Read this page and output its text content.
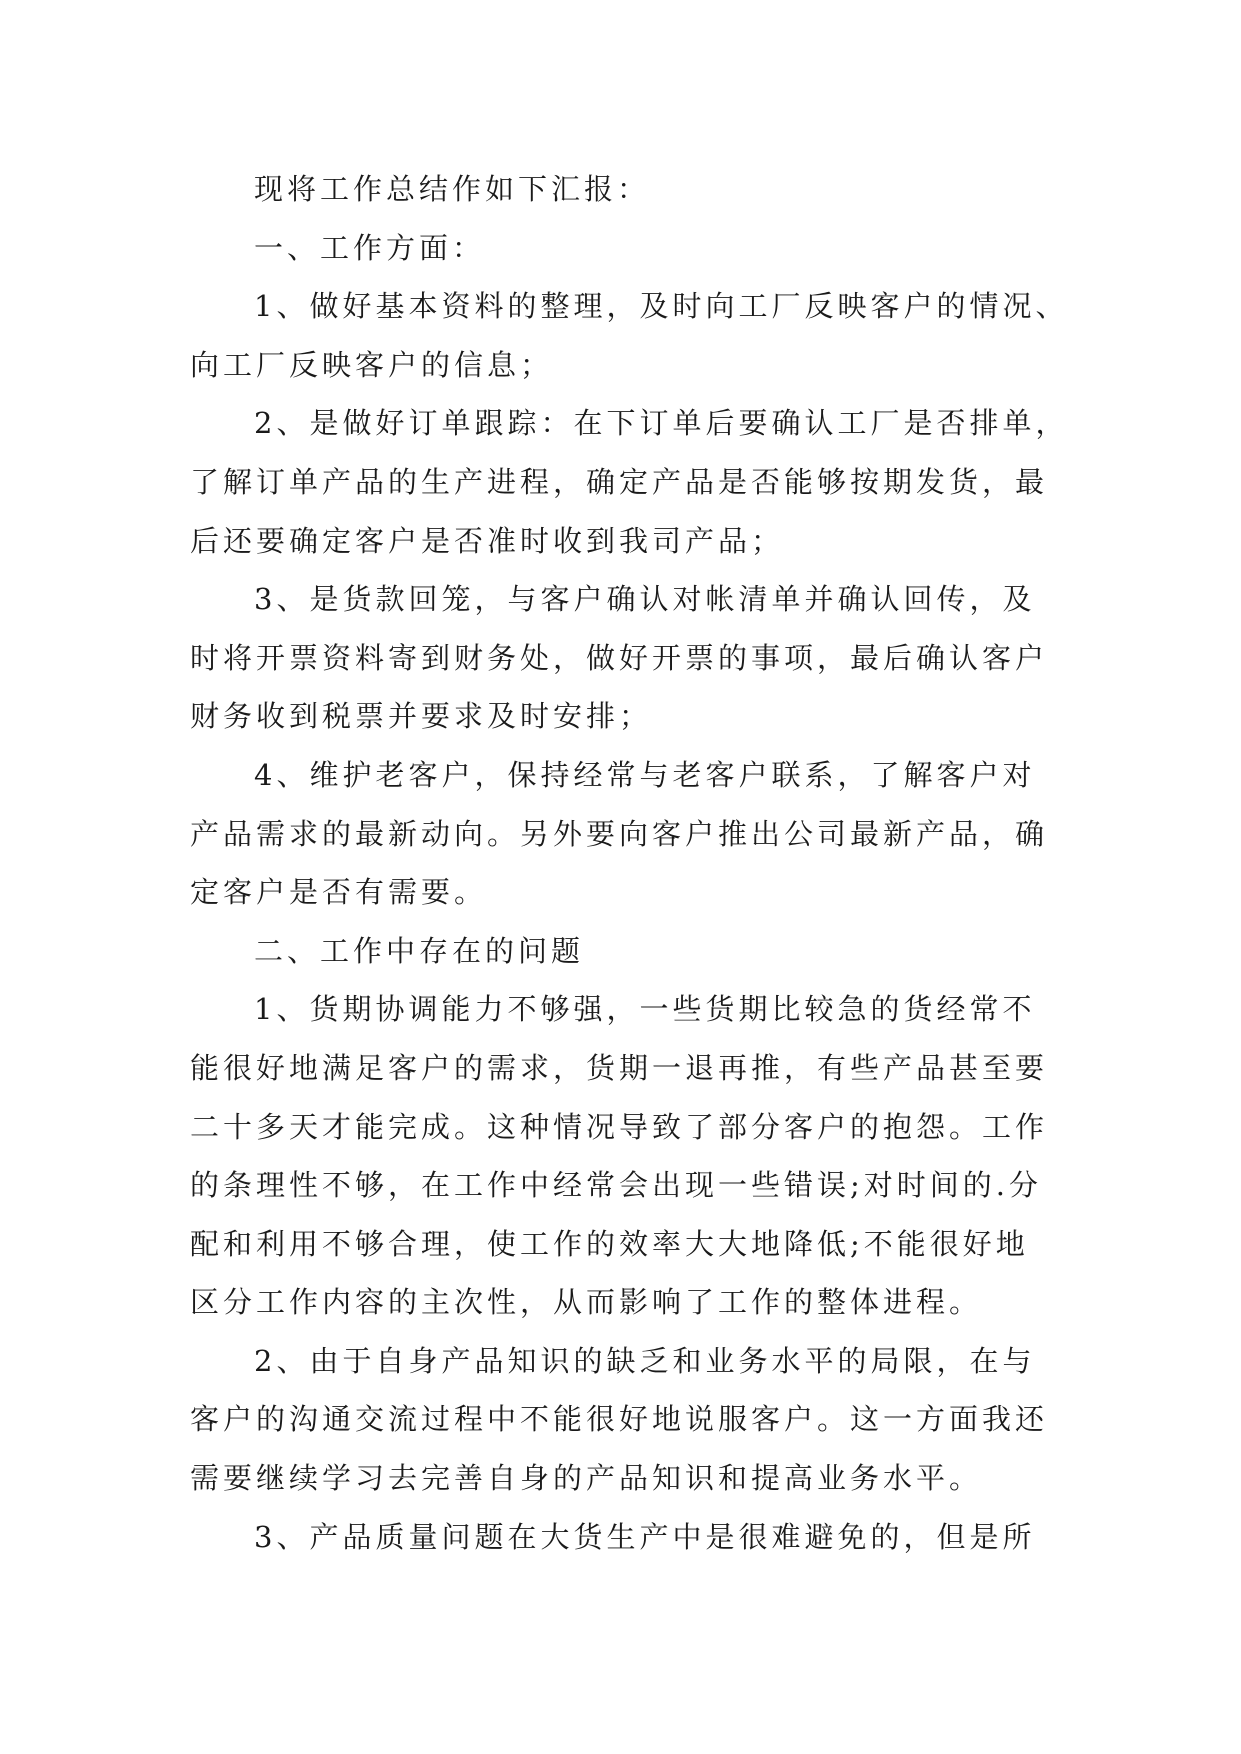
现将工作总结作如下汇报：
一、工作方面：
1、做好基本资料的整理，及时向工厂反映客户的情况、
向工厂反映客户的信息；
2、是做好订单跟踪：在下订单后要确认工厂是否排单，
了解订单产品的生产进程，确定产品是否能够按期发货，最
后还要确定客户是否准时收到我司产品；
3、是货款回笼，与客户确认对帐清单并确认回传，及
时将开票资料寄到财务处，做好开票的事项，最后确认客户
财务收到税票并要求及时安排；
4、维护老客户，保持经常与老客户联系，了解客户对
产品需求的最新动向。另外要向客户推出公司最新产品，确
定客户是否有需要。
二、工作中存在的问题
1、货期协调能力不够强，一些货期比较急的货经常不
能很好地满足客户的需求，货期一退再推，有些产品甚至要
二十多天才能完成。这种情况导致了部分客户的抱怨。工作
的条理性不够，在工作中经常会出现一些错误;对时间的.分
配和利用不够合理，使工作的效率大大地降低;不能很好地
区分工作内容的主次性，从而影响了工作的整体进程。
2、由于自身产品知识的缺乏和业务水平的局限，在与
客户的沟通交流过程中不能很好地说服客户。这一方面我还
需要继续学习去完善自身的产品知识和提高业务水平。
3、产品质量问题在大货生产中是很难避免的，但是所
